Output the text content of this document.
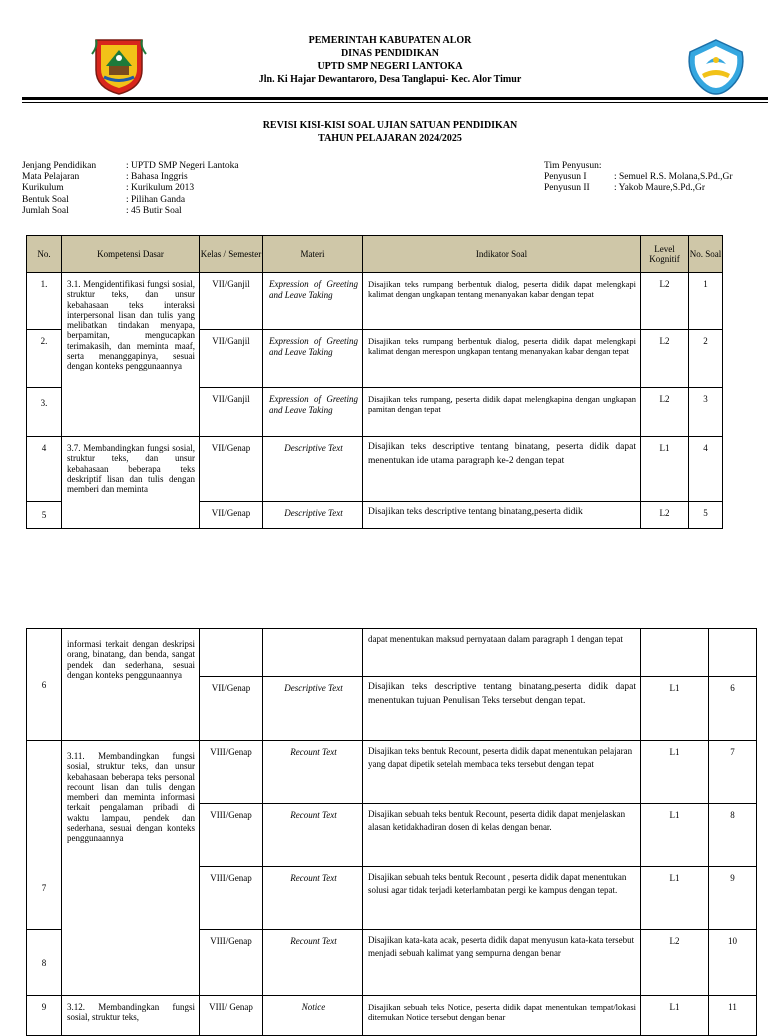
PEMERINTAH KABUPATEN ALOR
DINAS PENDIDIKAN
UPTD SMP NEGERI LANTOKA
Jln. Ki Hajar Dewantaroro, Desa Tanglapui- Kec. Alor Timur
REVISI KISI-KISI SOAL UJIAN SATUAN PENDIDIKAN
TAHUN PELAJARAN 2024/2025
Jenjang Pendidikan	: UPTD SMP Negeri Lantoka
Mata Pelajaran	: Bahasa Inggris
Kurikulum	: Kurikulum 2013
Bentuk Soal	: Pilihan Ganda
Jumlah Soal	: 45 Butir Soal
Tim Penyusun:
Penyusun I	: Semuel R.S. Molana,S.Pd.,Gr
Penyusun II	: Yakob Maure,S.Pd.,Gr
No.	Kompetensi Dasar	Kelas / Semester	Materi	Indikator Soal	Level Kognitif	No. Soal
1.	3.1. Mengidentifikasi fungsi sosial, struktur teks, dan unsur kebahasaan teks interaksi interpersonal lisan dan tulis yang melibatkan tindakan menyapa, berpamitan, mengucapkan terimakasih, dan meminta maaf, serta menanggapinya, sesuai dengan konteks penggunaannya	VII/Ganjil	Expression of Greeting and Leave Taking	Disajikan teks rumpang berbentuk dialog, peserta didik dapat melengkapi kalimat dengan ungkapan tentang menanyakan kabar dengan tepat	L2	1
2.		VII/Ganjil	Expression of Greeting and Leave Taking	Disajikan teks rumpang berbentuk dialog, peserta didik dapat melengkapi kalimat dengan merespon ungkapan tentang menanyakan kabar dengan tepat	L2	2
3.		VII/Ganjil	Expression of Greeting and Leave Taking	Disajikan teks rumpang, peserta didik dapat melengkapina dengan ungkapan pamitan dengan tepat	L2	3
4	3.7. Membandingkan fungsi sosial, struktur teks, dan unsur kebahasaan beberapa teks deskriptif lisan dan tulis dengan memberi dan meminta	VII/Genap	Descriptive Text	Disajikan teks descriptive tentang binatang, peserta didik dapat menentukan ide utama paragraph ke-2 dengan tepat	L1	4
5		VII/Genap	Descriptive Text	Disajikan teks descriptive tentang binatang,peserta didik	L2	5
6	informasi terkait dengan deskripsi orang, binatang, dan benda, sangat pendek dan sederhana, sesuai dengan konteks penggunaannya			dapat menentukan maksud pernyataan dalam paragraph 1 dengan tepat		
		VII/Genap	Descriptive Text	Disajikan teks descriptive tentang binatang,peserta didik dapat menentukan tujuan Penulisan Teks tersebut dengan tepat.	L1	6
7	3.11. Membandingkan fungsi sosial, struktur teks, dan unsur kebahasaan beberapa teks personal recount lisan dan tulis dengan memberi dan meminta informasi terkait pengalaman pribadi di waktu lampau, pendek dan sederhana, sesuai dengan konteks penggunaannya	VIII/Genap	Recount Text	Disajikan teks bentuk Recount, peserta didik dapat menentukan pelajaran yang dapat dipetik setelah membaca teks tersebut dengan tepat	L1	7
		VIII/Genap	Recount Text	Disajikan sebuah teks bentuk Recount, peserta didik dapat menjelaskan alasan ketidakhadiran dosen di kelas dengan benar.	L1	8
		VIII/Genap	Recount Text	Disajikan sebuah teks bentuk Recount , peserta didik dapat menentukan solusi agar tidak terjadi keterlambatan pergi ke kampus dengan tepat.	L1	9
8		VIII/Genap	Recount Text	Disajikan kata-kata acak, peserta didik dapat menyusun kata-kata tersebut menjadi sebuah kalimat yang sempurna dengan benar	L2	10
9	3.12. Membandingkan fungsi sosial, struktur teks,	VIII/ Genap	Notice	Disajikan sebuah teks Notice, peserta didik dapat menentukan tempat/lokasi ditemukan Notice tersebut dengan benar	L1	11
